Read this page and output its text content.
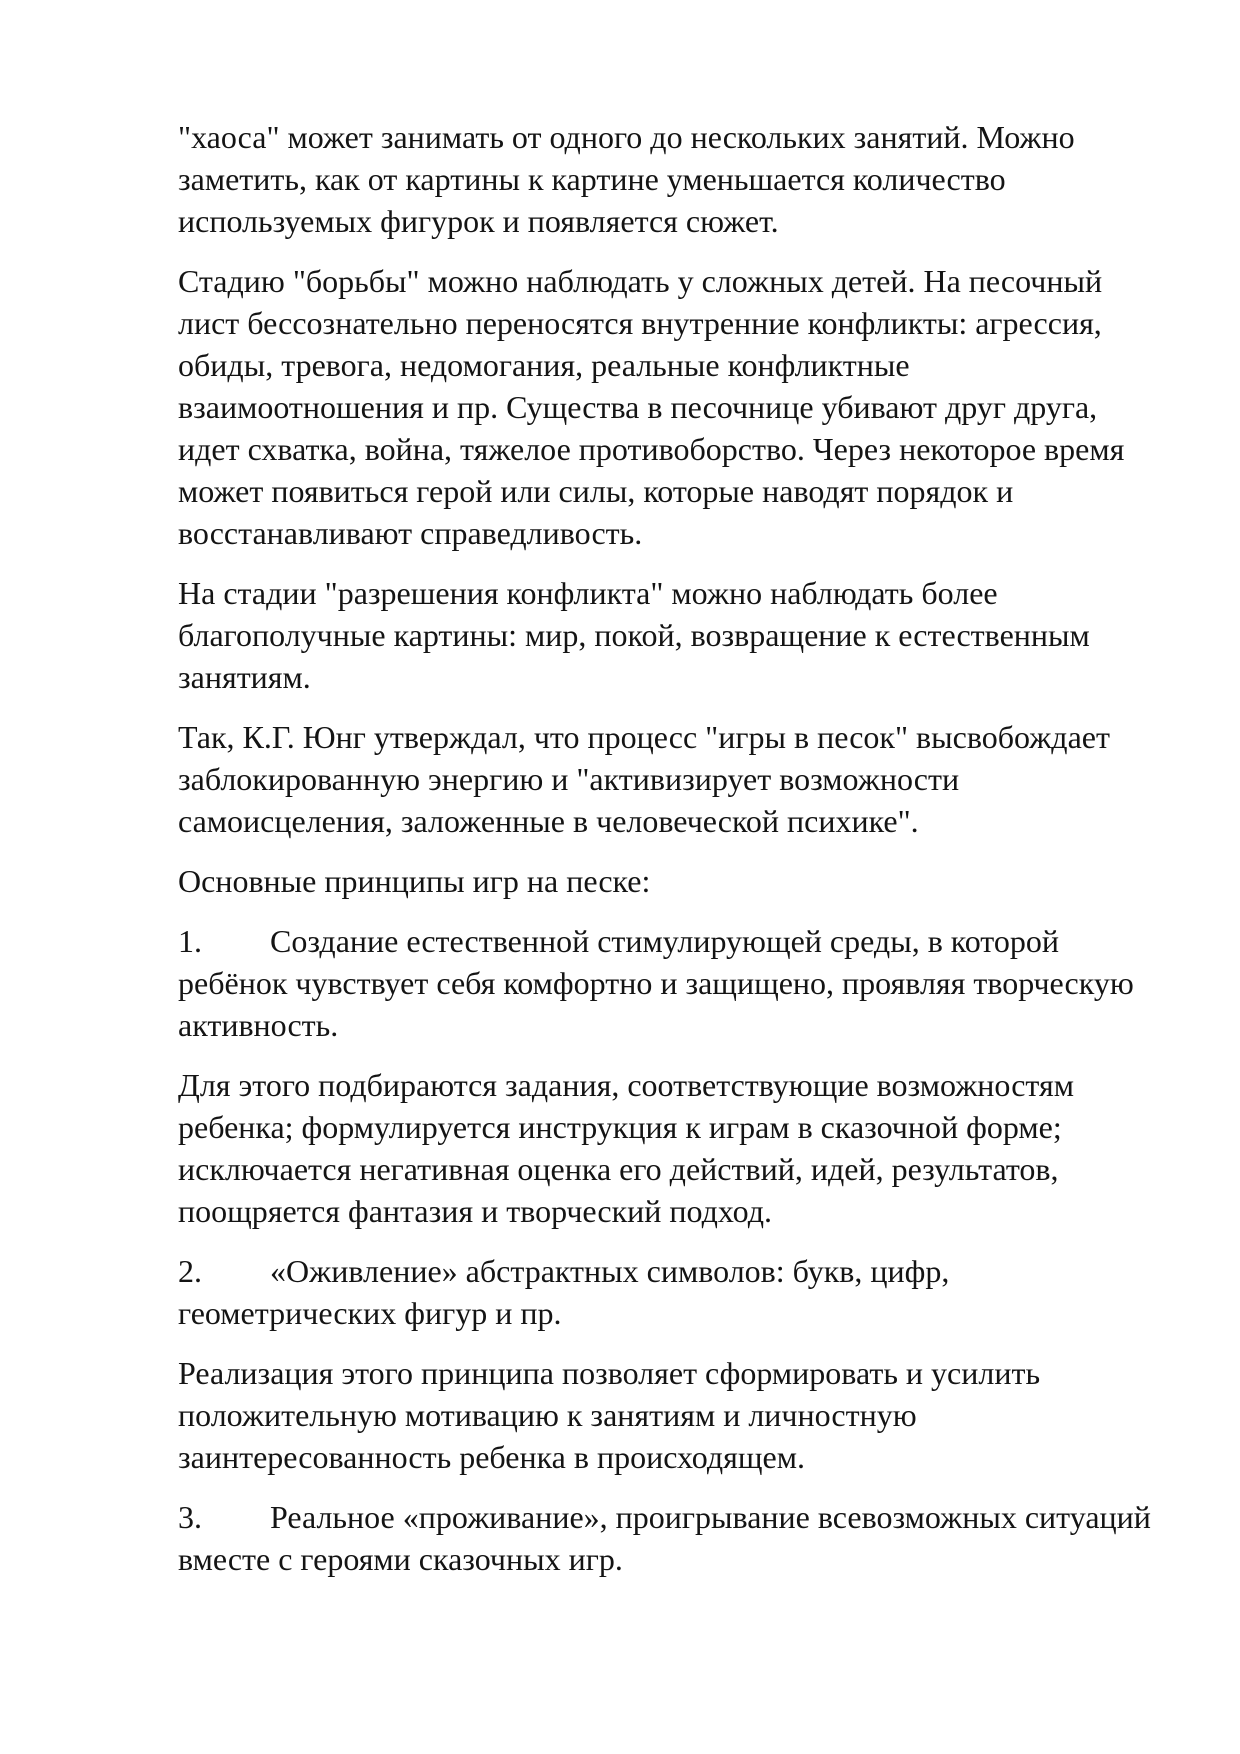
"хаоса" может занимать от одного до нескольких занятий. Можно заметить, как от картины к картине уменьшается количество используемых фигурок и появляется сюжет.

Стадию "борьбы" можно наблюдать у сложных детей. На песочный лист бессознательно переносятся внутренние конфликты: агрессия, обиды, тревога, недомогания, реальные конфликтные взаимоотношения и пр. Существа в песочнице убивают друг друга, идет схватка, война, тяжелое противоборство. Через некоторое время может появиться герой или силы, которые наводят порядок и восстанавливают справедливость.

На стадии "разрешения конфликта" можно наблюдать более благополучные картины: мир, покой, возвращение к естественным занятиям.

Так, К.Г. Юнг утверждал, что процесс "игры в песок" высвобождает заблокированную энергию и "активизирует возможности самоисцеления, заложенные в человеческой психике".

Основные принципы игр на песке:

1. Создание естественной стимулирующей среды, в которой ребёнок чувствует себя комфортно и защищено, проявляя творческую активность.

Для этого подбираются задания, соответствующие возможностям ребенка; формулируется инструкция к играм в сказочной форме; исключается негативная оценка его действий, идей, результатов, поощряется фантазия и творческий подход.

2. «Оживление» абстрактных символов: букв, цифр, геометрических фигур и пр.

Реализация этого принципа позволяет сформировать и усилить положительную мотивацию к занятиям и личностную заинтересованность ребенка в происходящем.

3. Реальное «проживание», проигрывание всевозможных ситуаций вместе с героями сказочных игр.
